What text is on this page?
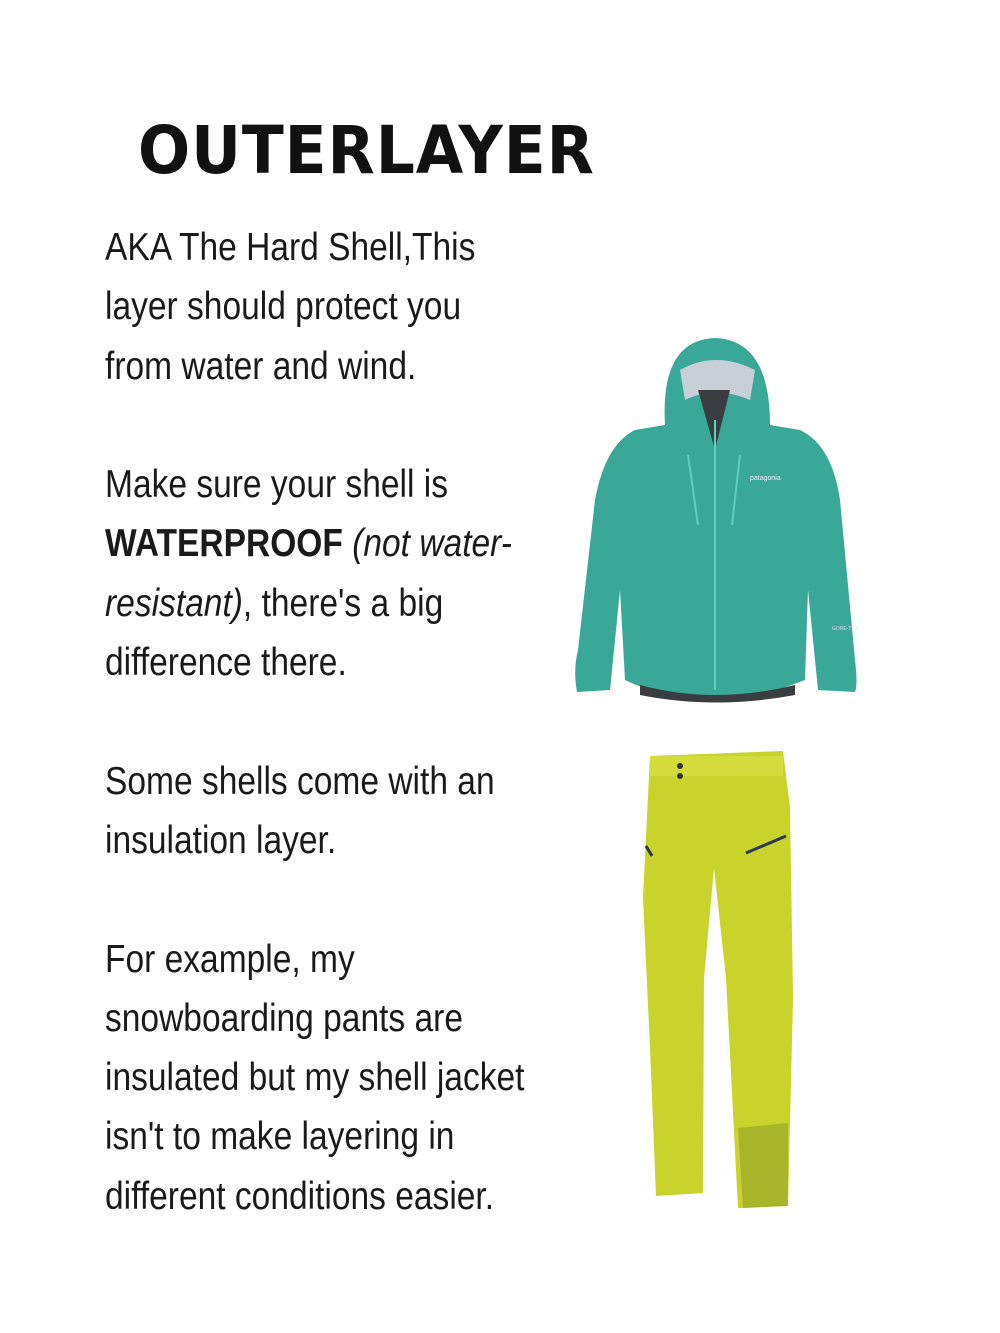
OUTERLAYER
AKA The Hard Shell,This
layer should protect you
from water and wind.
Make sure your shell is
WATERPROOF (not water-
resistant), there's a big
difference there.
Some shells come with an
insulation layer.
For example, my
snowboarding pants are
insulated but my shell jacket
isn't to make layering in
different conditions easier.
patagonia
GORE-TEX
